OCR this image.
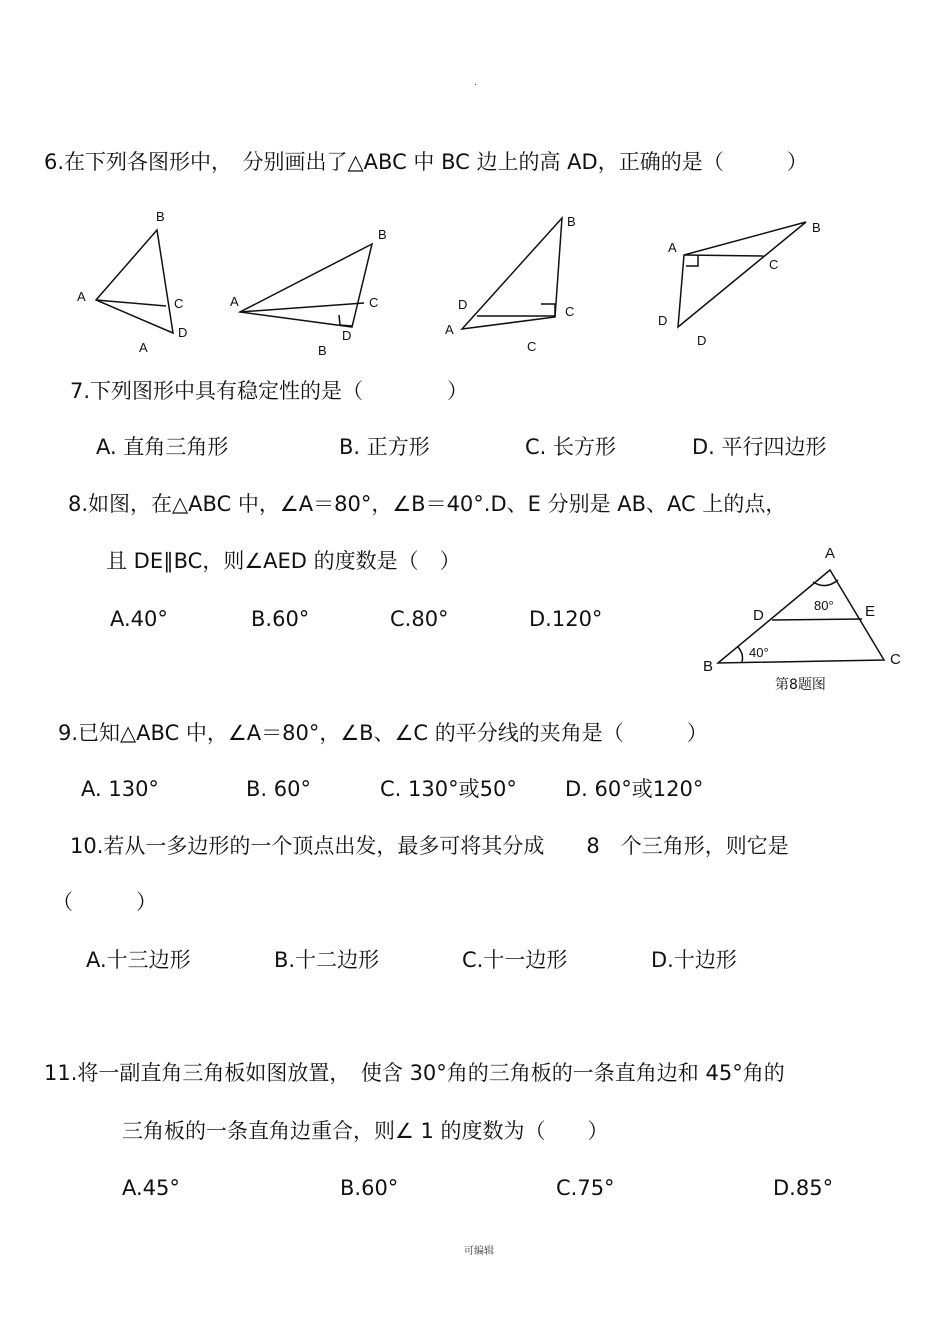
·
6.在下列各图形中，　分别画出了△ABC 中 BC 边上的高 AD，正确的是（　　　）
B
A	C
D
A
B
A	C
D
B
B
D
A
C
C
B
A
C
D
D
A
D	E
B	C
80°
40°
7.下列图形中具有稳定性的是（　　　　）
A. 直角三角形	B. 正方形	C. 长方形	D. 平行四边形
8.如图，在△ABC 中，∠A＝80°，∠B＝40°.D、E 分别是 AB、AC 上的点，
且 DE∥BC，则∠AED 的度数是（　）
A.40°	B.60°	C.80°	D.120°
第8题图
9.已知△ABC 中，∠A＝80°，∠B、∠C 的平分线的夹角是（　　　）
A. 130°	B. 60°	C. 130°或50° D. 60°或120°
10.若从一多边形的一个顶点出发，最多可将其分成　　8　个三角形，则它是
（　　　）
A.十三边形	B.十二边形	C.十一边形	D.十边形
11.将一副直角三角板如图放置，　使含 30°角的三角板的一条直角边和 45°角的
三角板的一条直角边重合，则∠ 1 的度数为（　　）
A.45°	B.60°	C.75°	D.85°
可编辑
